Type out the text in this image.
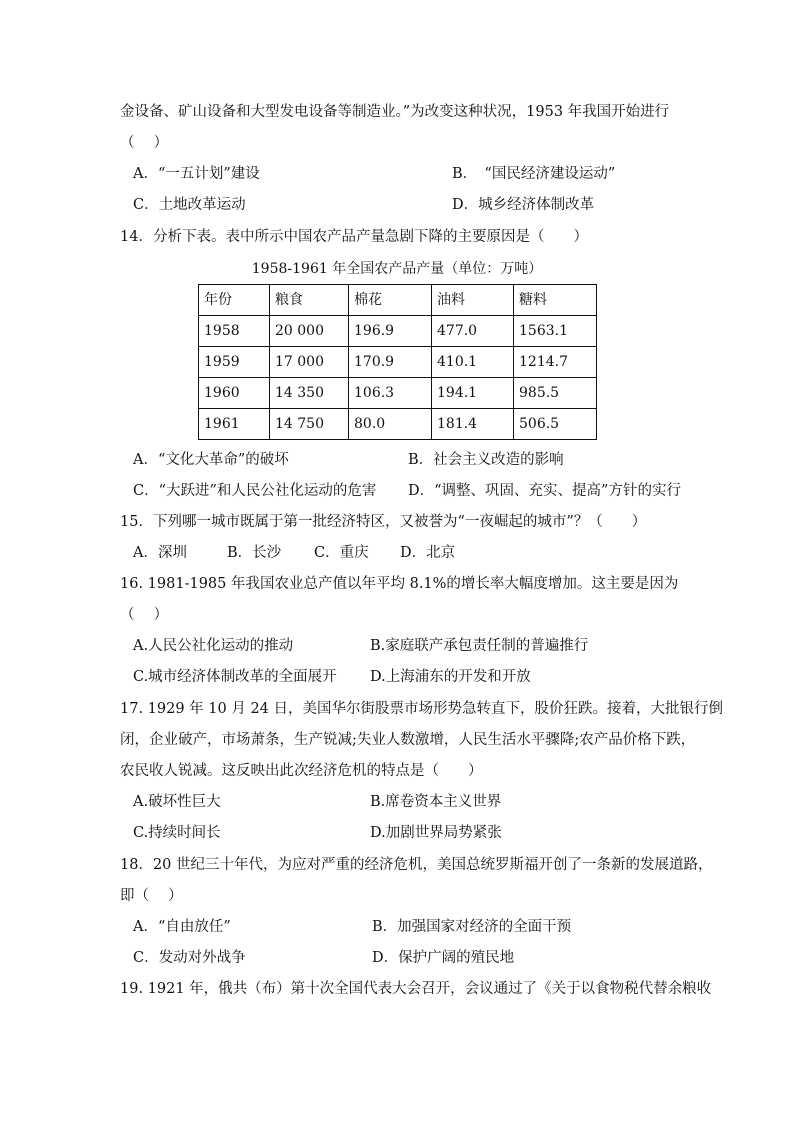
金设备、矿山设备和大型发电设备等制造业。”为改变这种状况，1953 年我国开始进行
（　 ）
A．“一五计划”建设	B．　“国民经济建设运动”
C．土地改革运动	D．城乡经济体制改革
14．分析下表。表中所示中国农产品产量急剧下降的主要原因是（　　）
1958-1961 年全国农产品产量（单位：万吨）
年份	粮食	棉花	油料	糖料
1958	20 000	196.9	477.0	1563.1
1959	17 000	170.9	410.1	1214.7
1960	14 350	106.3	194.1	985.5
1961	14 750	80.0	181.4	506.5
A．“文化大革命”的破坏	B．社会主义改造的影响
C．“大跃进”和人民公社化运动的危害 D．“调整、巩固、充实、提高”方针的实行
15．下列哪一城市既属于第一批经济特区，又被誉为“一夜崛起的城市”？（　　）
A．深圳	B．长沙 C．重庆 D．北京
16. 1981-1985 年我国农业总产值以年平均 8.1%的增长率大幅度增加。这主要是因为
（　 ）
A.人民公社化运动的推动	B.家庭联产承包责任制的普遍推行
C.城市经济体制改革的全面展开 D.上海浦东的开发和开放
17. 1929 年 10 月 24 日，美国华尔街股票市场形势急转直下，股价狂跌。接着，大批银行倒
闭，企业破产，市场萧条，生产锐减;失业人数激增，人民生活水平骤降;农产品价格下跌，
农民收人锐减。这反映出此次经济危机的特点是（　　）
A.破坏性巨大	B.席卷资本主义世界
C.持续时间长	D.加剧世界局势紧张
18．20 世纪三十年代，为应对严重的经济危机，美国总统罗斯福开创了一条新的发展道路，
即（　 ）
A．“自由放任”	B．加强国家对经济的全面干预
C．发动对外战争	D．保护广阔的殖民地
19. 1921 年，俄共（布）第十次全国代表大会召开，会议通过了《关于以食物税代替余粮收
